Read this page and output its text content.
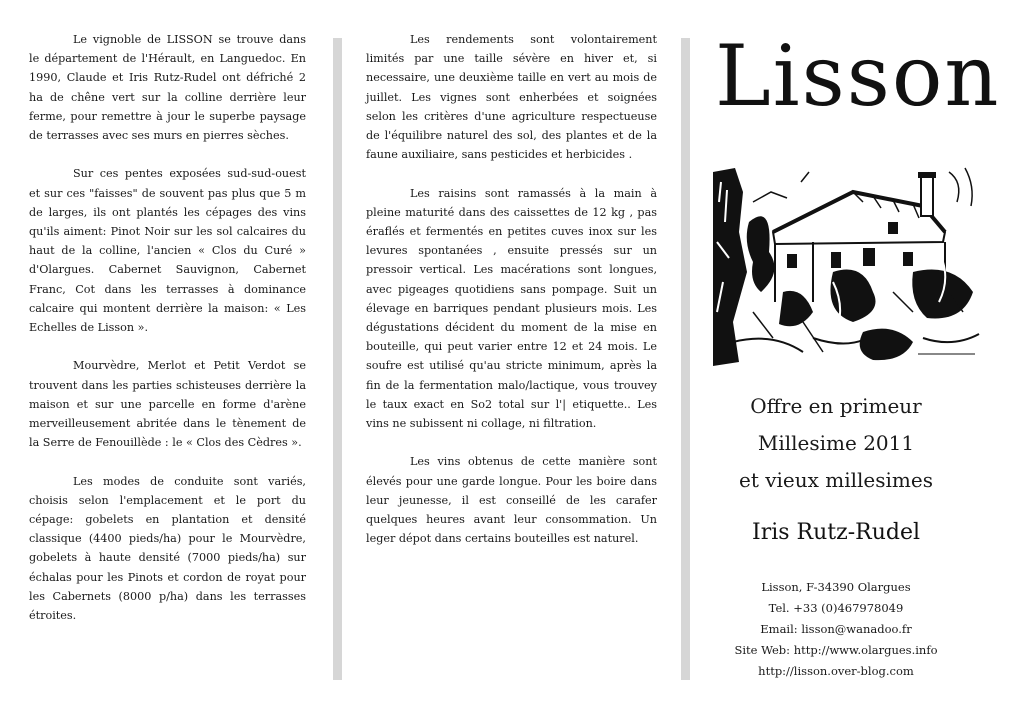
Le vignoble de LISSON se trouve dans le département de l'Hérault, en Languedoc. En 1990, Claude et Iris Rutz-Rudel ont défriché 2 ha de chêne vert sur la colline derrière leur ferme, pour remettre à jour le superbe paysage de terrasses avec ses murs en pierres sèches.

Sur ces pentes exposées sud-sud-ouest et sur ces "faisses" de souvent pas plus que 5 m de larges, ils ont plantés les cépages des vins qu'ils aiment: Pinot Noir sur les sol calcaires du haut de la colline, l'ancien « Clos du Curé » d'Olargues. Cabernet Sauvignon, Cabernet Franc, Cot dans les terrasses à dominance calcaire qui montent derrière la maison: « Les Echelles de Lisson ».

Mourvèdre, Merlot et Petit Verdot se trouvent dans les parties schisteuses derrière la maison et sur une parcelle en forme d'arène merveilleusement abritée dans le tènement de la Serre de Fenouillède : le « Clos des Cèdres ».

Les modes de conduite sont variés, choisis selon l'emplacement et le port du cépage: gobelets en plantation et densité classique (4400 pieds/ha) pour le Mourvèdre, gobelets à haute densité (7000 pieds/ha) sur échalas pour les Pinots et cordon de royat pour les Cabernets (8000 p/ha) dans les terrasses étroites.

Les rendements sont volontairement limités par une taille sévère en hiver et, si necessaire, une deuxième taille en vert au mois de juillet. Les vignes sont enherbées et soignées selon les critères d'une agriculture respectueuse de l'équilibre naturel des sol, des plantes et de la faune auxiliaire, sans pesticides et herbicides .

Les raisins sont ramassés à la main à pleine maturité dans des caissettes de 12 kg , pas éraflés et fermentés en petites cuves inox sur les levures spontanées , ensuite pressés sur un pressoir vertical. Les macérations sont longues, avec pigeages quotidiens sans pompage. Suit un élevage en barriques pendant plusieurs mois. Les dégustations décident du moment de la mise en bouteille, qui peut varier entre 12 et 24 mois. Le soufre est utilisé qu'au stricte minimum, après la fin de la fermentation malo/lactique, vous trouvey le taux exact en So2 total sur l'| etiquette.. Les vins ne subissent ni collage, ni filtration.

Les vins obtenus de cette manière sont élevés pour une garde longue. Pour les boire dans leur jeunesse, il est conseillé de les carafer quelques heures avant leur consommation. Un leger dépot dans certains bouteilles est naturel.

Lisson
Offre en primeur
Millesime 2011
et vieux millesimes
Iris Rutz-Rudel
Lisson, F-34390 Olargues
Tel. +33 (0)467978049
Email: lisson@wanadoo.fr
Site Web: http://www.olargues.info
http://lisson.over-blog.com
